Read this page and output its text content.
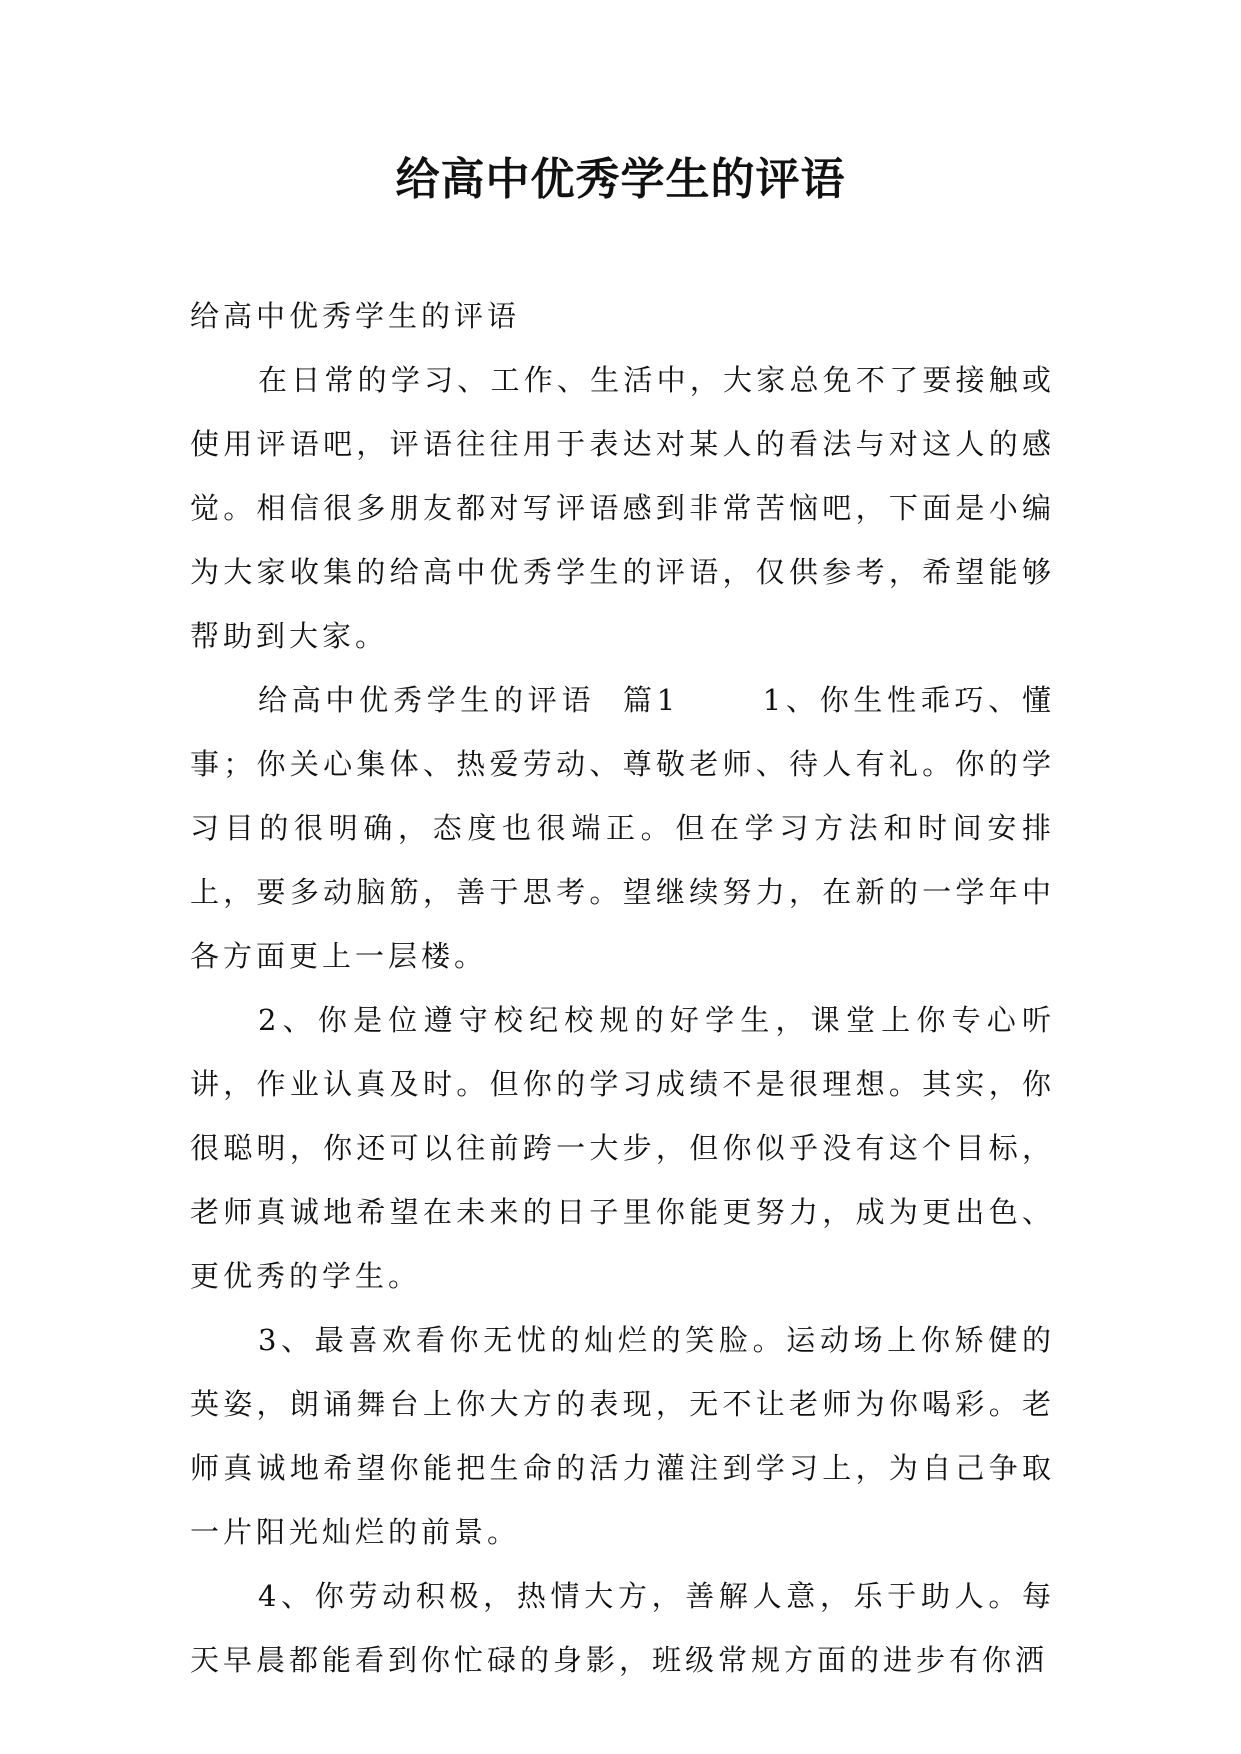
给高中优秀学生的评语

给高中优秀学生的评语

在日常的学习、工作、生活中，大家总免不了要接触或使用评语吧，评语往往用于表达对某人的看法与对这人的感觉。相信很多朋友都对写评语感到非常苦恼吧，下面是小编为大家收集的给高中优秀学生的评语，仅供参考，希望能够帮助到大家。

给高中优秀学生的评语  篇1      1、你生性乖巧、懂事；你关心集体、热爱劳动、尊敬老师、待人有礼。你的学习目的很明确，态度也很端正。但在学习方法和时间安排上，要多动脑筋，善于思考。望继续努力，在新的一学年中各方面更上一层楼。

2、你是位遵守校纪校规的好学生，课堂上你专心听讲，作业认真及时。但你的学习成绩不是很理想。其实，你很聪明，你还可以往前跨一大步，但你似乎没有这个目标，老师真诚地希望在未来的日子里你能更努力，成为更出色、更优秀的学生。

3、最喜欢看你无忧的灿烂的笑脸。运动场上你矫健的英姿，朗诵舞台上你大方的表现，无不让老师为你喝彩。老师真诚地希望你能把生命的活力灌注到学习上，为自己争取一片阳光灿烂的前景。

4、你劳动积极，热情大方，善解人意，乐于助人。每天早晨都能看到你忙碌的身影，班级常规方面的进步有你洒
